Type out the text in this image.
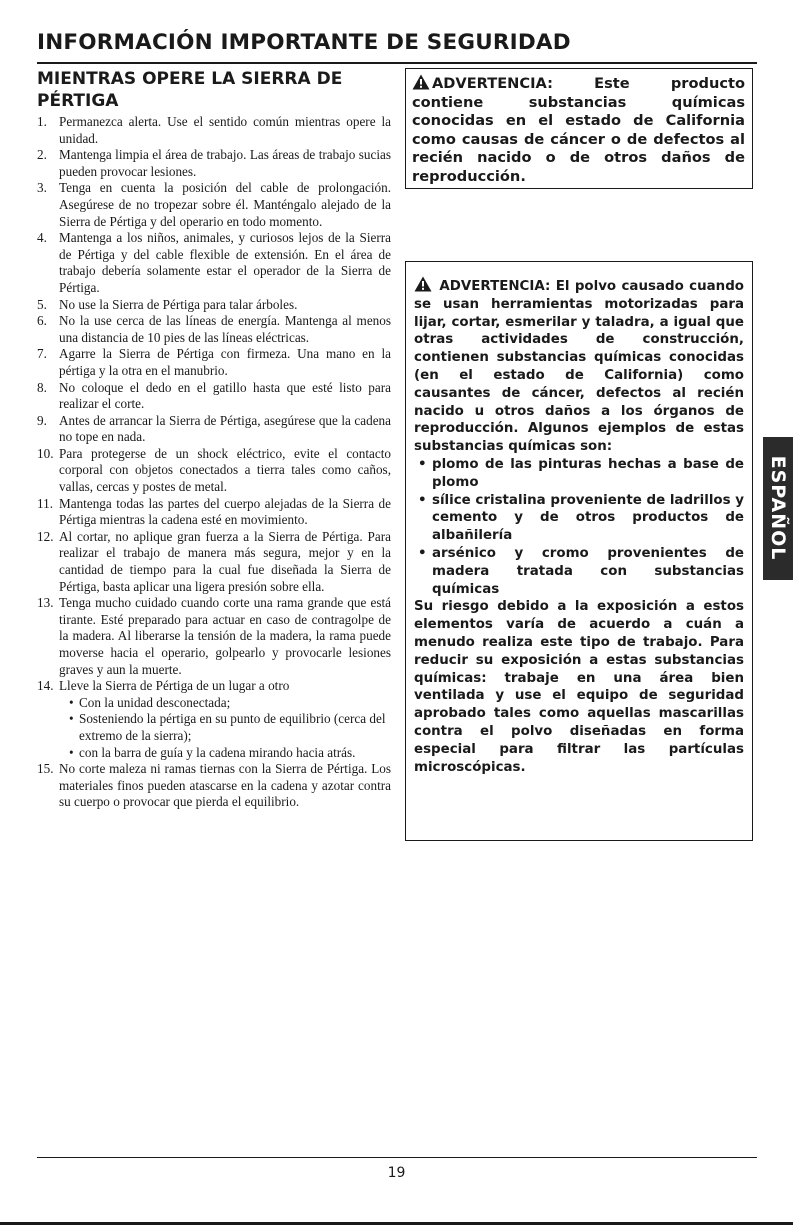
INFORMACIÓN IMPORTANTE DE SEGURIDAD
MIENTRAS OPERE LA SIERRA DE PÉRTIGA
1. Permanezca alerta. Use el sentido común mientras opere la unidad.
2. Mantenga limpia el área de trabajo. Las áreas de trabajo sucias pueden provocar lesiones.
3. Tenga en cuenta la posición del cable de prolongación. Asegúrese de no tropezar sobre él. Manténgalo alejado de la Sierra de Pértiga y del operario en todo momento.
4. Mantenga a los niños, animales, y curiosos lejos de la Sierra de Pértiga y del cable flexible de extensión. En el área de trabajo debería solamente estar el operador de la Sierra de Pértiga.
5. No use la Sierra de Pértiga para talar árboles.
6. No la use cerca de las líneas de energía. Mantenga al menos una distancia de 10 pies de las líneas eléctricas.
7. Agarre la Sierra de Pértiga con firmeza. Una mano en la pértiga y la otra en el manubrio.
8. No coloque el dedo en el gatillo hasta que esté listo para realizar el corte.
9. Antes de arrancar la Sierra de Pértiga, asegúrese que la cadena no tope en nada.
10. Para protegerse de un shock eléctrico, evite el contacto corporal con objetos conectados a tierra tales como caños, vallas, cercas y postes de metal.
11. Mantenga todas las partes del cuerpo alejadas de la Sierra de Pértiga mientras la cadena esté en movimiento.
12. Al cortar, no aplique gran fuerza a la Sierra de Pértiga. Para realizar el trabajo de manera más segura, mejor y en la cantidad de tiempo para la cual fue diseñada la Sierra de Pértiga, basta aplicar una ligera presión sobre ella.
13. Tenga mucho cuidado cuando corte una rama grande que está tirante. Esté preparado para actuar en caso de contragolpe de la madera. Al liberarse la tensión de la madera, la rama puede moverse hacia el operario, golpearlo y provocarle lesiones graves y aun la muerte.
14. Lleve la Sierra de Pértiga de un lugar a otro
• Con la unidad desconectada;
• Sosteniendo la pértiga en su punto de equilibrio (cerca del extremo de la sierra);
• con la barra de guía y la cadena mirando hacia atrás.
15. No corte maleza ni ramas tiernas con la Sierra de Pértiga. Los materiales finos pueden atascarse en la cadena y azotar contra su cuerpo o provocar que pierda el equilibrio.

ADVERTENCIA:	Este producto contiene substancias químicas conocidas en el estado de California como causas de cáncer o de defectos al recién nacido o de otros daños de reproducción.

ADVERTENCIA: El polvo causado cuando se usan herramientas motorizadas para lijar, cortar, esmerilar y taladra, a igual que otras actividades de construcción, contienen substancias químicas conocidas (en el estado de California) como causantes de cáncer, defectos al recién nacido u otros daños a los órganos de reproducción. Algunos ejemplos de estas substancias químicas son:

• plomo de las pinturas hechas a base de plomo
• sílice cristalina proveniente de ladrillos y cemento y de otros productos de albañilería
• arsénico y cromo provenientes de madera tratada con substancias químicas

Su riesgo debido a la exposición a estos elementos varía de acuerdo a cuán a menudo realiza este tipo de trabajo. Para reducir su exposición a estas substancias químicas: trabaje en una área bien ventilada y use el equipo de seguridad aprobado tales como aquellas mascarillas contra el polvo diseñadas en forma especial para filtrar las partículas microscópicas.

ESPAÑOL
19
